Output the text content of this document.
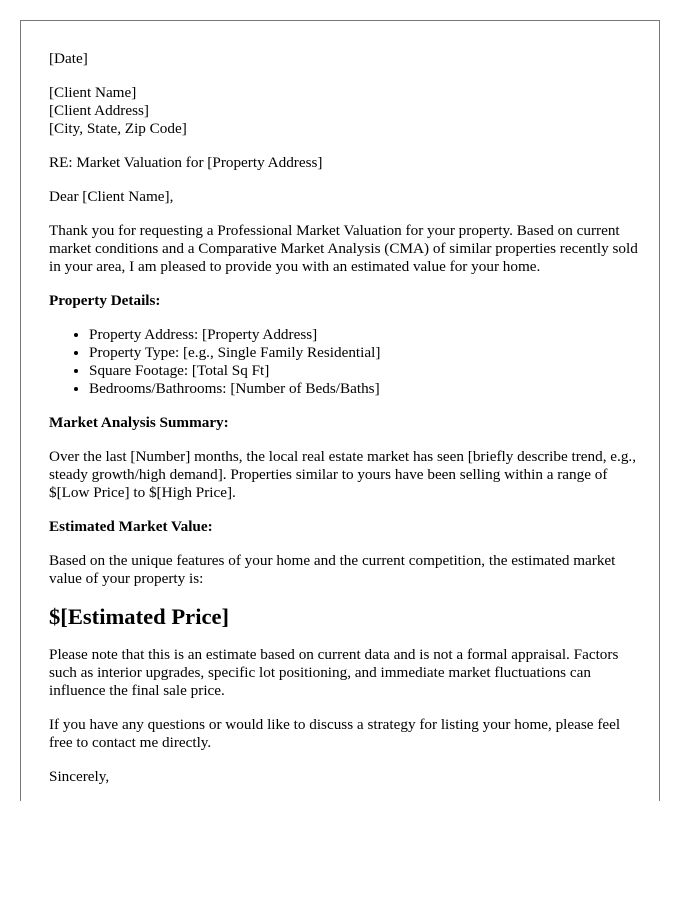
[Date]

[Client Name]
[Client Address]
[City, State, Zip Code]

RE: Market Valuation for [Property Address]

Dear [Client Name],

Thank you for requesting a Professional Market Valuation for your property. Based on current market conditions and a Comparative Market Analysis (CMA) of similar properties recently sold in your area, I am pleased to provide you with an estimated value for your home.

Property Details:

• Property Address: [Property Address]
• Property Type: [e.g., Single Family Residential]
• Square Footage: [Total Sq Ft]
• Bedrooms/Bathrooms: [Number of Beds/Baths]

Market Analysis Summary:

Over the last [Number] months, the local real estate market has seen [briefly describe trend, e.g., steady growth/high demand]. Properties similar to yours have been selling within a range of $[Low Price] to $[High Price].

Estimated Market Value:

Based on the unique features of your home and the current competition, the estimated market value of your property is:

$[Estimated Price]

Please note that this is an estimate based on current data and is not a formal appraisal. Factors such as interior upgrades, specific lot positioning, and immediate market fluctuations can influence the final sale price.

If you have any questions or would like to discuss a strategy for listing your home, please feel free to contact me directly.

Sincerely,
